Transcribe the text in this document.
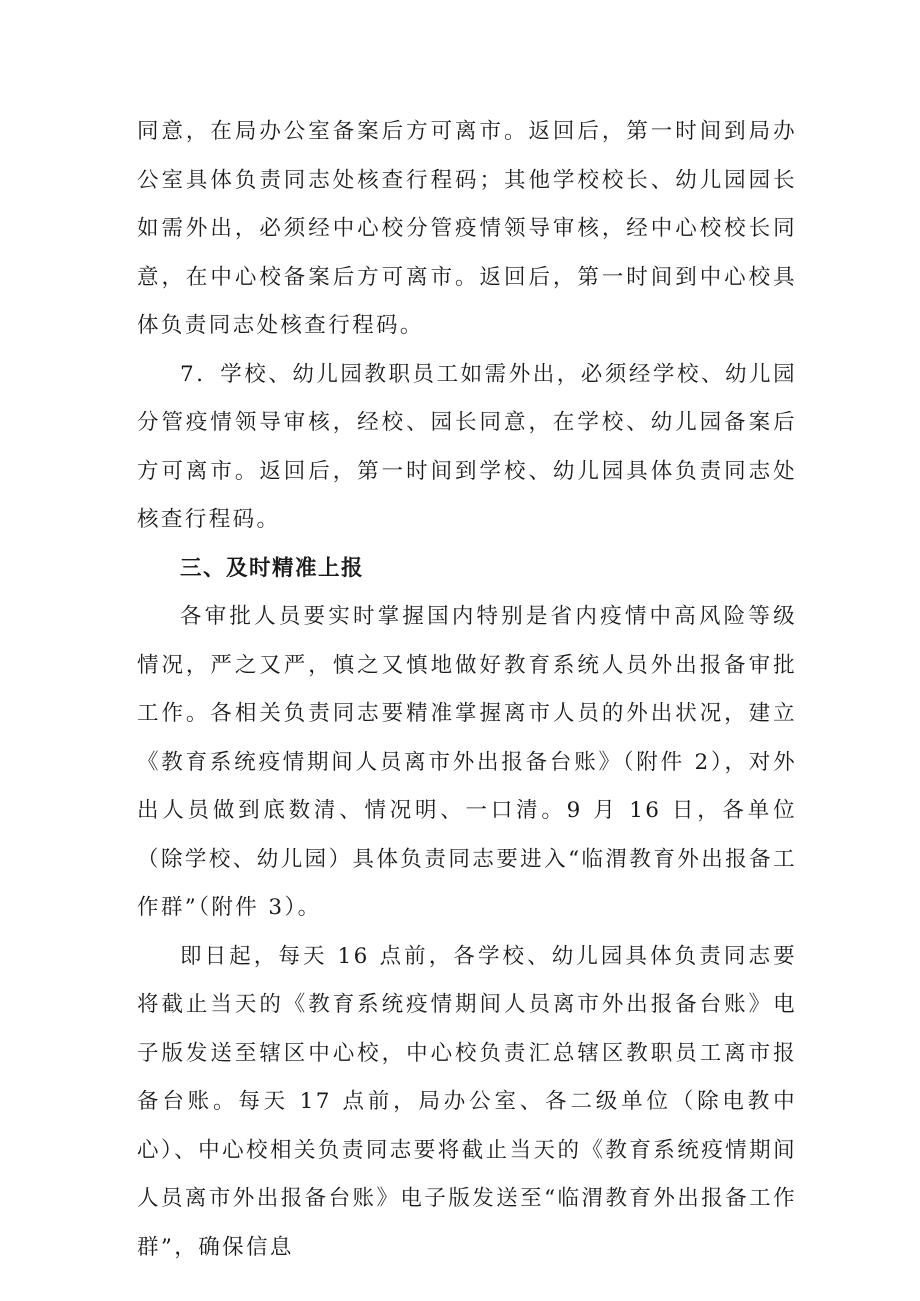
同意，在局办公室备案后方可离市。返回后，第一时间到局办公室具体负责同志处核查行程码；其他学校校长、幼儿园园长如需外出，必须经中心校分管疫情领导审核，经中心校校长同意，在中心校备案后方可离市。返回后，第一时间到中心校具体负责同志处核查行程码。

7．学校、幼儿园教职员工如需外出，必须经学校、幼儿园分管疫情领导审核，经校、园长同意，在学校、幼儿园备案后方可离市。返回后，第一时间到学校、幼儿园具体负责同志处核查行程码。

三、及时精准上报

各审批人员要实时掌握国内特别是省内疫情中高风险等级情况，严之又严，慎之又慎地做好教育系统人员外出报备审批工作。各相关负责同志要精准掌握离市人员的外出状况，建立《教育系统疫情期间人员离市外出报备台账》（附件 2），对外出人员做到底数清、情况明、一口清。9 月 16 日，各单位（除学校、幼儿园）具体负责同志要进入“临渭教育外出报备工作群”（附件 3）。

即日起，每天 16 点前，各学校、幼儿园具体负责同志要将截止当天的《教育系统疫情期间人员离市外出报备台账》电子版发送至辖区中心校，中心校负责汇总辖区教职员工离市报备台账。每天 17 点前，局办公室、各二级单位（除电教中心）、中心校相关负责同志要将截止当天的《教育系统疫情期间人员离市外出报备台账》电子版发送至“临渭教育外出报备工作群”，确保信息
